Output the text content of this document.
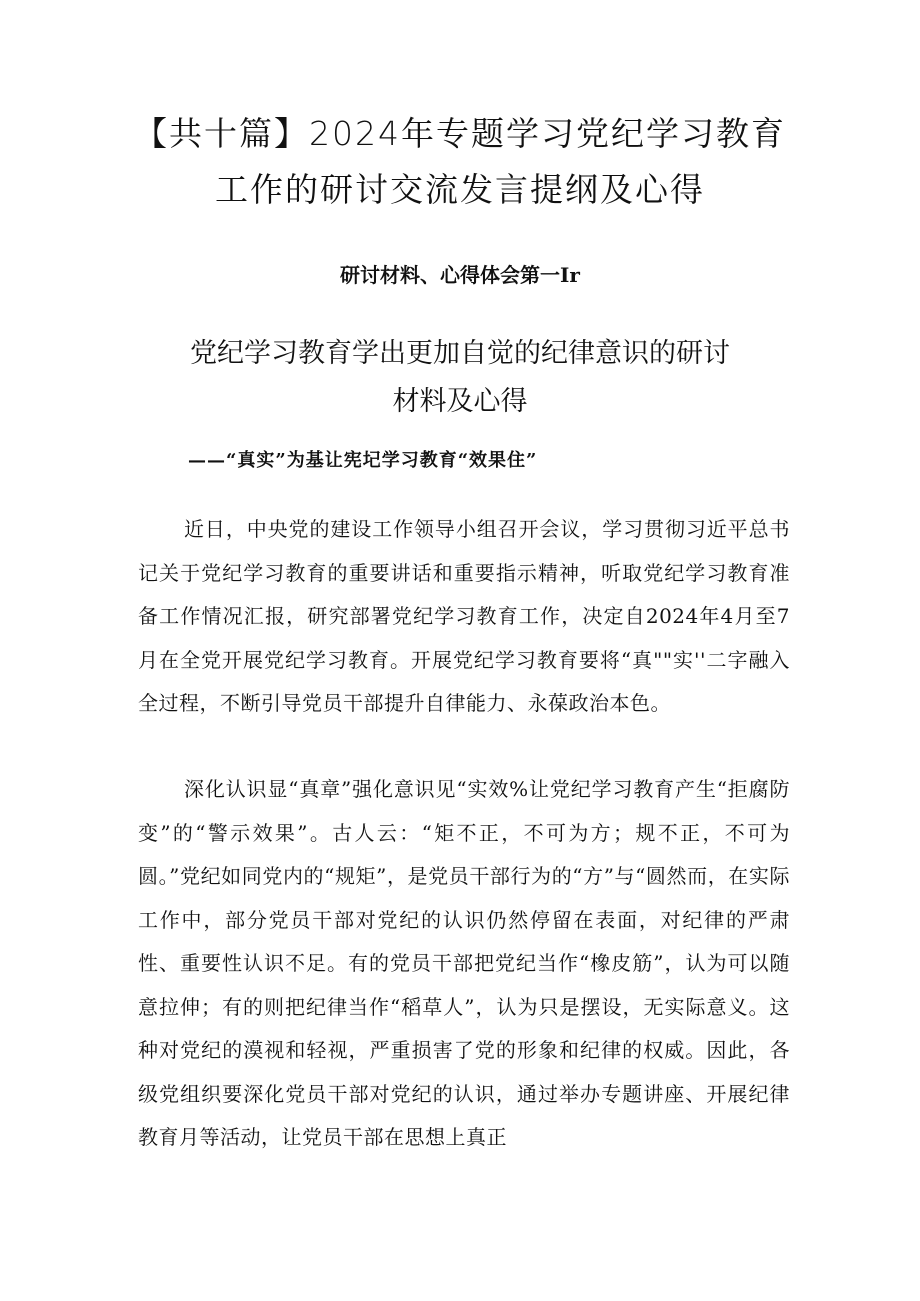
【共十篇】2024年专题学习党纪学习教育
工作的研讨交流发言提纲及心得
研讨材料、心得体会第一Ir
党纪学习教育学出更加自觉的纪律意识的研讨
材料及心得
——“真实”为基让宪圮学习教育“效果住”

近日，中央党的建设工作领导小组召开会议，学习贯彻习近平总书记关于党纪学习教育的重要讲话和重要指示精神，听取党纪学习教育准备工作情况汇报，研究部署党纪学习教育工作，决定自2024年4月至7月在全党开展党纪学习教育。开展党纪学习教育要将“真""实''二字融入全过程，不断引导党员干部提升自律能力、永葆政治本色。

深化认识显“真章”强化意识见“实效%让党纪学习教育产生“拒腐防变”的“警示效果”。古人云：“矩不正，不可为方；规不正，不可为圆。”党纪如同党内的“规矩”，是党员干部行为的“方”与“圆然而，在实际工作中，部分党员干部对党纪的认识仍然停留在表面，对纪律的严肃性、重要性认识不足。有的党员干部把党纪当作“橡皮筋”，认为可以随意拉伸；有的则把纪律当作“稻草人”，认为只是摆设，无实际意义。这种对党纪的漠视和轻视，严重损害了党的形象和纪律的权威。因此，各级党组织要深化党员干部对党纪的认识，通过举办专题讲座、开展纪律教育月等活动，让党员干部在思想上真正
